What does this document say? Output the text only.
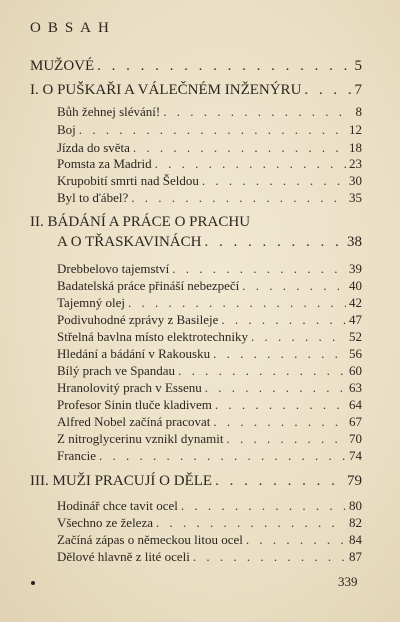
OBSAH
MUŽOVÉ . . .	5
I. O PUŠKAŘI A VÁLEČNÉM INŽENÝRU . . .	7
Bůh žehnej slévání! . . .	8
Boj . . .	12
Jízda do světa . . .	18
Pomsta za Madrid . . .	23
Krupobití smrti nad Šeldou . . .	30
Byl to ďábel? . . .	35
II. BÁDÁNÍ A PRÁCE O PRACHU
A O TŘASKAVINÁCH . . .	38
Drebbelovo tajemství . . .	39
Badatelská práce přináší nebezpečí . . .	40
Tajemný olej . . .	42
Podivuhodné zprávy z Basileje . . .	47
Střelná bavlna místo elektrotechniky . . .	52
Hledání a bádání v Rakousku . . .	56
Bílý prach ve Spandau . . .	60
Hranolovitý prach v Essenu . . .	63
Profesor Sinin tluče kladivem . . .	64
Alfred Nobel začíná pracovat . . .	67
Z nitroglycerinu vznikl dynamit . . .	70
Francie . . .	74
III. MUŽI PRACUJÍ O DĚLE . . .	79
Hodinář chce tavit ocel . . .	80
Všechno ze železa . . .	82
Začíná zápas o německou litou ocel . . .	84
Dělové hlavně z lité oceli . . .	87
339
